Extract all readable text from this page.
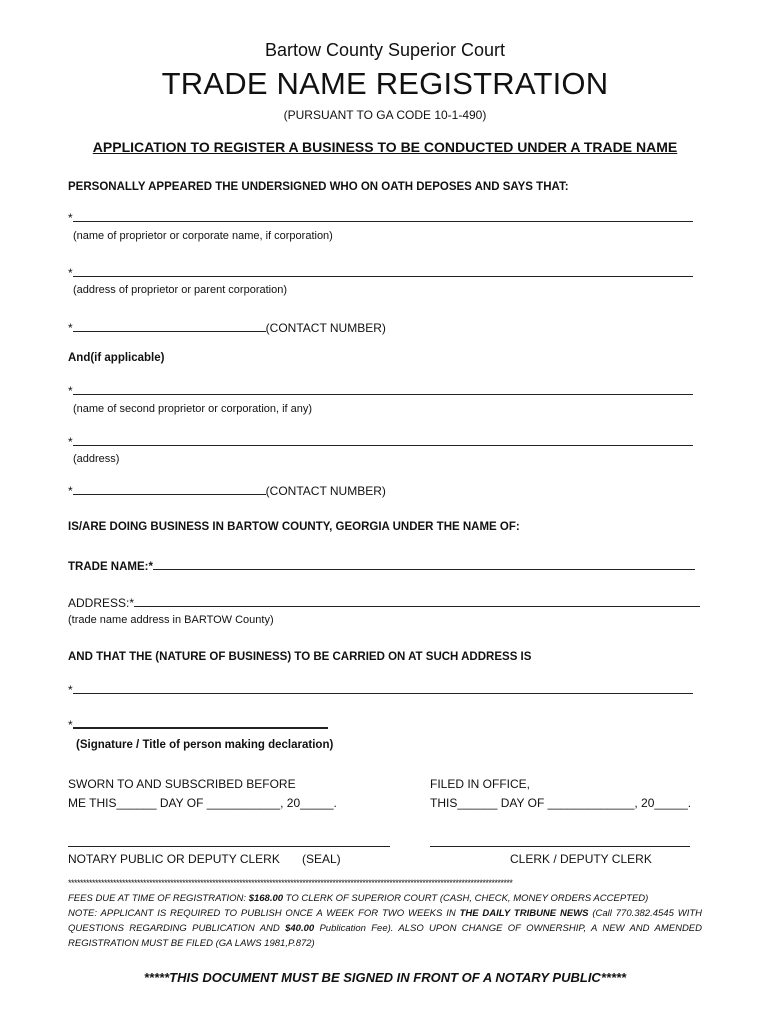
Bartow County Superior Court
TRADE NAME REGISTRATION
(PURSUANT TO GA CODE 10-1-490)
APPLICATION TO REGISTER A BUSINESS TO BE CONDUCTED UNDER A TRADE NAME
PERSONALLY APPEARED THE UNDERSIGNED WHO ON OATH DEPOSES AND SAYS THAT:
*
(name of proprietor or corporate name, if corporation)
*
(address of proprietor or parent corporation)
*	(CONTACT NUMBER)
And(if applicable)
*
(name of second proprietor or corporation, if any)
*
(address)
*	(CONTACT NUMBER)
IS/ARE DOING BUSINESS IN BARTOW COUNTY, GEORGIA UNDER THE NAME OF:
TRADE NAME:*
ADDRESS:*
(trade name address in BARTOW County)
AND THAT THE (NATURE OF BUSINESS) TO BE CARRIED ON AT SUCH ADDRESS IS
*
*
(Signature / Title of person making declaration)
SWORN TO AND SUBSCRIBED BEFORE
ME THIS______ DAY OF ___________, 20_____.
FILED IN OFFICE,
THIS______ DAY OF _____________, 20_____.
NOTARY PUBLIC OR DEPUTY CLERK (SEAL)	CLERK / DEPUTY CLERK
****************************************************************************************************************************************************
FEES DUE AT TIME OF REGISTRATION: $168.00 TO CLERK OF SUPERIOR COURT (CASH, CHECK, MONEY ORDERS ACCEPTED)
NOTE: APPLICANT IS REQUIRED TO PUBLISH ONCE A WEEK FOR TWO WEEKS IN THE DAILY TRIBUNE NEWS (Call 770.382.4545 WITH QUESTIONS REGARDING PUBLICATION AND $40.00 Publication Fee). ALSO UPON CHANGE OF OWNERSHIP, A NEW AND AMENDED REGISTRATION MUST BE FILED (GA LAWS 1981,P.872)
*****THIS DOCUMENT MUST BE SIGNED IN FRONT OF A NOTARY PUBLIC*****
